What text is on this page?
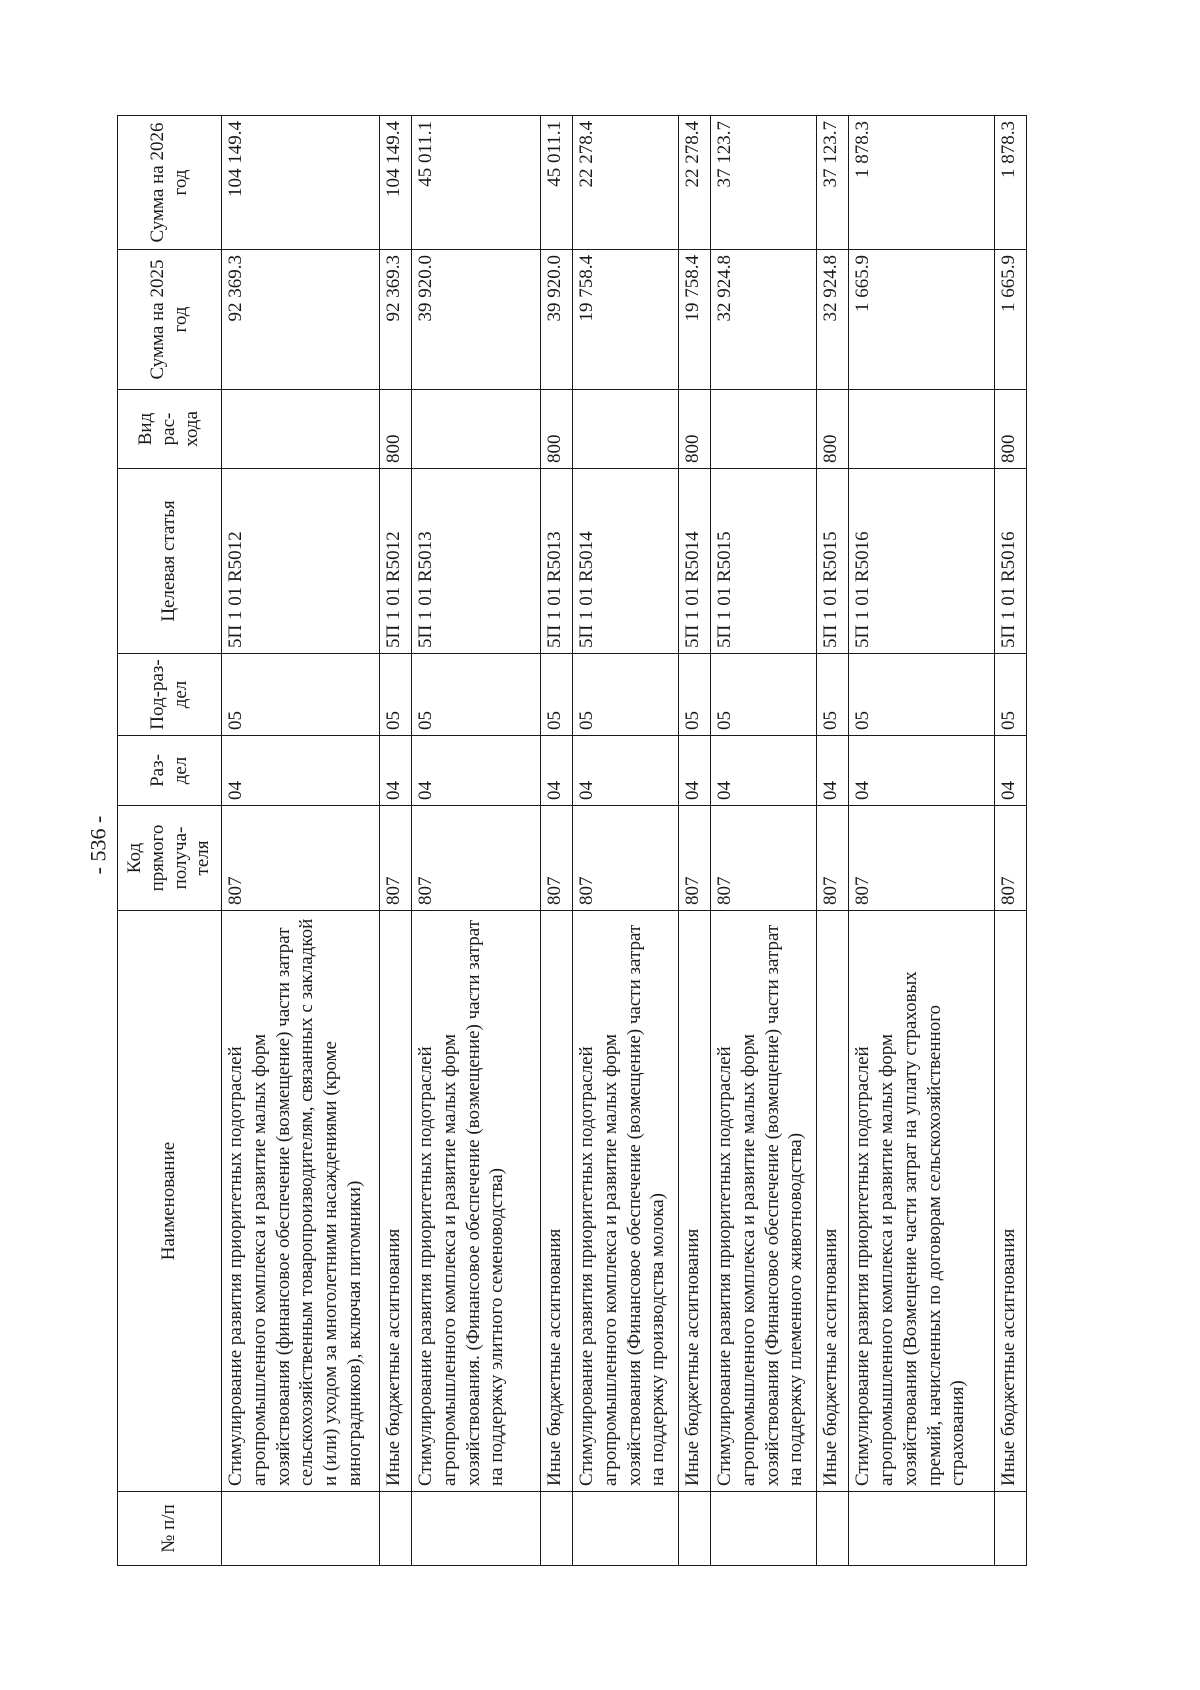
- 536 -
№ п/п	Наименование	Код прямого получа-теля	Раз-дел	Под-раз-дел	Целевая статья	Вид рас-хода	Сумма на 2025 год	Сумма на 2026 год
	Стимулирование развития приоритетных подотраслей агропромышленного комплекса и развитие малых форм хозяйствования (финансовое обеспечение (возмещение) части затрат сельскохозяйственным товаропроизводителям, связанных с закладкой и (или) уходом за многолетними насаждениями (кроме виноградников), включая питомники)	807	04	05	5П 1 01 R5012		92 369.3	104 149.4
	Иные бюджетные ассигнования	807	04	05	5П 1 01 R5012	800	92 369.3	104 149.4
	Стимулирование развития приоритетных подотраслей агропромышленного комплекса и развитие малых форм хозяйствования. (Финансовое обеспечение (возмещение) части затрат на поддержку элитного семеноводства)	807	04	05	5П 1 01 R5013		39 920.0	45 011.1
	Иные бюджетные ассигнования	807	04	05	5П 1 01 R5013	800	39 920.0	45 011.1
	Стимулирование развития приоритетных подотраслей агропромышленного комплекса и развитие малых форм хозяйствования (Финансовое обеспечение (возмещение) части затрат на поддержку производства молока)	807	04	05	5П 1 01 R5014		19 758.4	22 278.4
	Иные бюджетные ассигнования	807	04	05	5П 1 01 R5014	800	19 758.4	22 278.4
	Стимулирование развития приоритетных подотраслей агропромышленного комплекса и развитие малых форм хозяйствования (Финансовое обеспечение (возмещение) части затрат на поддержку племенного животноводства)	807	04	05	5П 1 01 R5015		32 924.8	37 123.7
	Иные бюджетные ассигнования	807	04	05	5П 1 01 R5015	800	32 924.8	37 123.7
	Стимулирование развития приоритетных подотраслей агропромышленного комплекса и развитие малых форм хозяйствования (Возмещение части затрат на уплату страховых премий, начисленных по договорам сельскохозяйственного страхования)	807	04	05	5П 1 01 R5016		1 665.9	1 878.3
	Иные бюджетные ассигнования	807	04	05	5П 1 01 R5016	800	1 665.9	1 878.3
